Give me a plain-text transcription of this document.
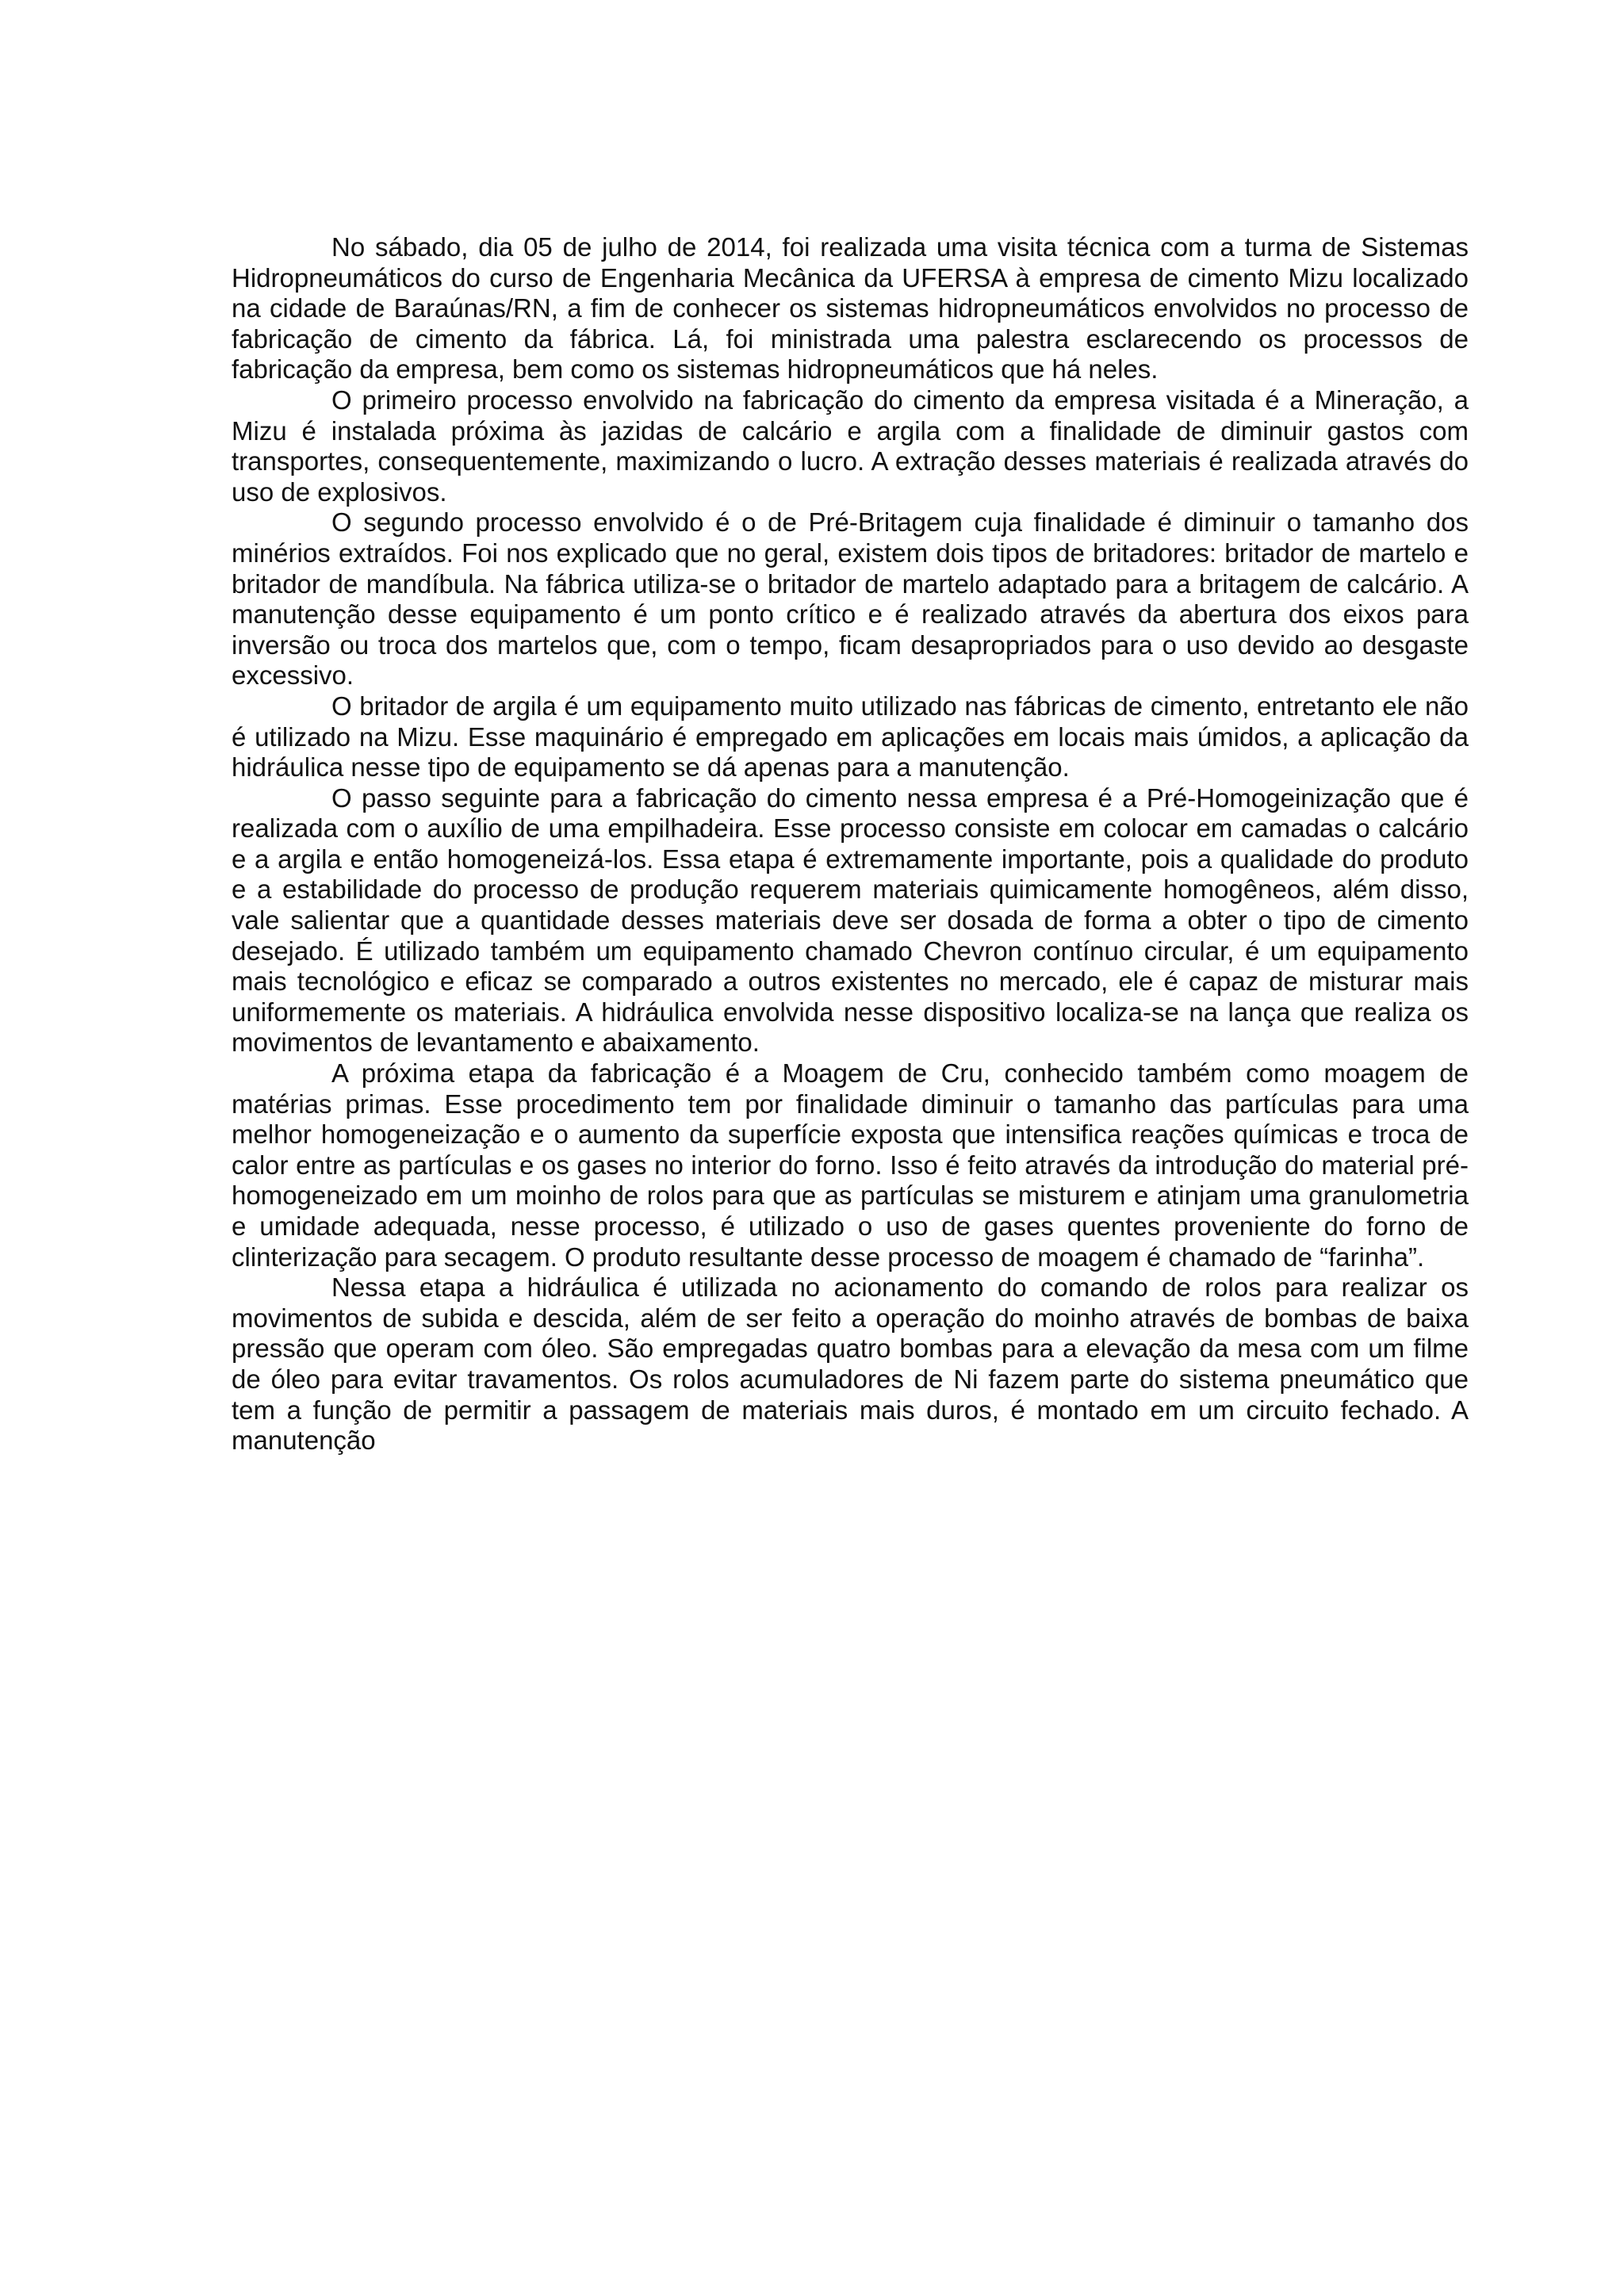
No sábado, dia 05 de julho de 2014, foi realizada uma visita técnica com a turma de Sistemas Hidropneumáticos do curso de Engenharia Mecânica da UFERSA à empresa de cimento Mizu localizado na cidade de Baraúnas/RN, a fim de conhecer os sistemas hidropneumáticos envolvidos no processo de fabricação de cimento da fábrica. Lá, foi ministrada uma palestra esclarecendo os processos de fabricação da empresa, bem como os sistemas hidropneumáticos que há neles.

O primeiro processo envolvido na fabricação do cimento da empresa visitada é a Mineração, a Mizu é instalada próxima às jazidas de calcário e argila com a finalidade de diminuir gastos com transportes, consequentemente, maximizando o lucro. A extração desses materiais é realizada através do uso de explosivos.

O segundo processo envolvido é o de Pré-Britagem cuja finalidade é diminuir o tamanho dos minérios extraídos. Foi nos explicado que no geral, existem dois tipos de britadores: britador de martelo e britador de mandíbula. Na fábrica utiliza-se o britador de martelo adaptado para a britagem de calcário. A manutenção desse equipamento é um ponto crítico e é realizado através da abertura dos eixos para inversão ou troca dos martelos que, com o tempo, ficam desapropriados para o uso devido ao desgaste excessivo.

O britador de argila é um equipamento muito utilizado nas fábricas de cimento, entretanto ele não é utilizado na Mizu. Esse maquinário é empregado em aplicações em locais mais úmidos, a aplicação da hidráulica nesse tipo de equipamento se dá apenas para a manutenção.

O passo seguinte para a fabricação do cimento nessa empresa é a Pré-Homogeinização que é realizada com o auxílio de uma empilhadeira. Esse processo consiste em colocar em camadas o calcário e a argila e então homogeneizá-los. Essa etapa é extremamente importante, pois a qualidade do produto e a estabilidade do processo de produção requerem materiais quimicamente homogêneos, além disso, vale salientar que a quantidade desses materiais deve ser dosada de forma a obter o tipo de cimento desejado. É utilizado também um equipamento chamado Chevron contínuo circular, é um equipamento mais tecnológico e eficaz se comparado a outros existentes no mercado, ele é capaz de misturar mais uniformemente os materiais. A hidráulica envolvida nesse dispositivo localiza-se na lança que realiza os movimentos de levantamento e abaixamento.

A próxima etapa da fabricação é a Moagem de Cru, conhecido também como moagem de matérias primas. Esse procedimento tem por finalidade diminuir o tamanho das partículas para uma melhor homogeneização e o aumento da superfície exposta que intensifica reações químicas e troca de calor entre as partículas e os gases no interior do forno. Isso é feito através da introdução do material pré-homogeneizado em um moinho de rolos para que as partículas se misturem e atinjam uma granulometria e umidade adequada, nesse processo, é utilizado o uso de gases quentes proveniente do forno de clinterização para secagem. O produto resultante desse processo de moagem é chamado de “farinha”.

Nessa etapa a hidráulica é utilizada no acionamento do comando de rolos para realizar os movimentos de subida e descida, além de ser feito a operação do moinho através de bombas de baixa pressão que operam com óleo. São empregadas quatro bombas para a elevação da mesa com um filme de óleo para evitar travamentos. Os rolos acumuladores de Ni fazem parte do sistema pneumático que tem a função de permitir a passagem de materiais mais duros, é montado em um circuito fechado. A manutenção
